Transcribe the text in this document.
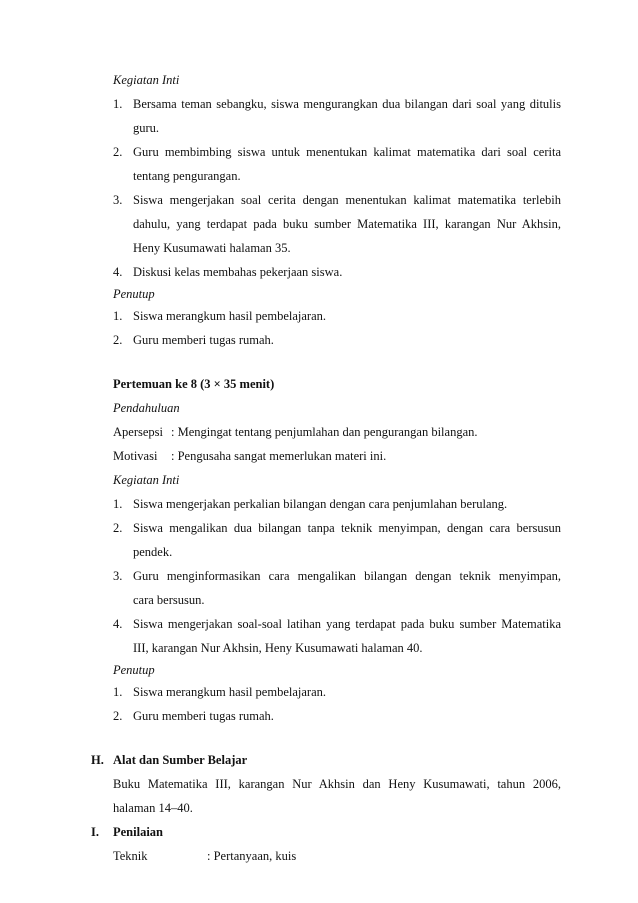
Kegiatan Inti
1. Bersama teman sebangku, siswa mengurangkan dua bilangan dari soal yang ditulis
guru.
2. Guru membimbing siswa untuk menentukan kalimat matematika dari soal cerita
tentang pengurangan.
3. Siswa mengerjakan soal cerita dengan menentukan kalimat matematika terlebih
dahulu, yang terdapat pada buku sumber Matematika III, karangan Nur Akhsin,
Heny Kusumawati halaman 35.
4. Diskusi kelas membahas pekerjaan siswa.
Penutup
1. Siswa merangkum hasil pembelajaran.
2. Guru memberi tugas rumah.
Pertemuan ke 8 (3 × 35 menit)
Pendahuluan
Apersepsi : Mengingat tentang penjumlahan dan pengurangan bilangan.
Motivasi : Pengusaha sangat memerlukan materi ini.
Kegiatan Inti
1. Siswa mengerjakan perkalian bilangan dengan cara penjumlahan berulang.
2. Siswa mengalikan dua bilangan tanpa teknik menyimpan, dengan cara bersusun
pendek.
3. Guru menginformasikan cara mengalikan bilangan dengan teknik menyimpan,
cara bersusun.
4. Siswa mengerjakan soal-soal latihan yang terdapat pada buku sumber Matematika
III, karangan Nur Akhsin, Heny Kusumawati halaman 40.
Penutup
1. Siswa merangkum hasil pembelajaran.
2. Guru memberi tugas rumah.
H. Alat dan Sumber Belajar
Buku Matematika III, karangan Nur Akhsin dan Heny Kusumawati, tahun 2006,
halaman 14–40.
I. Penilaian
Teknik	: Pertanyaan, kuis
